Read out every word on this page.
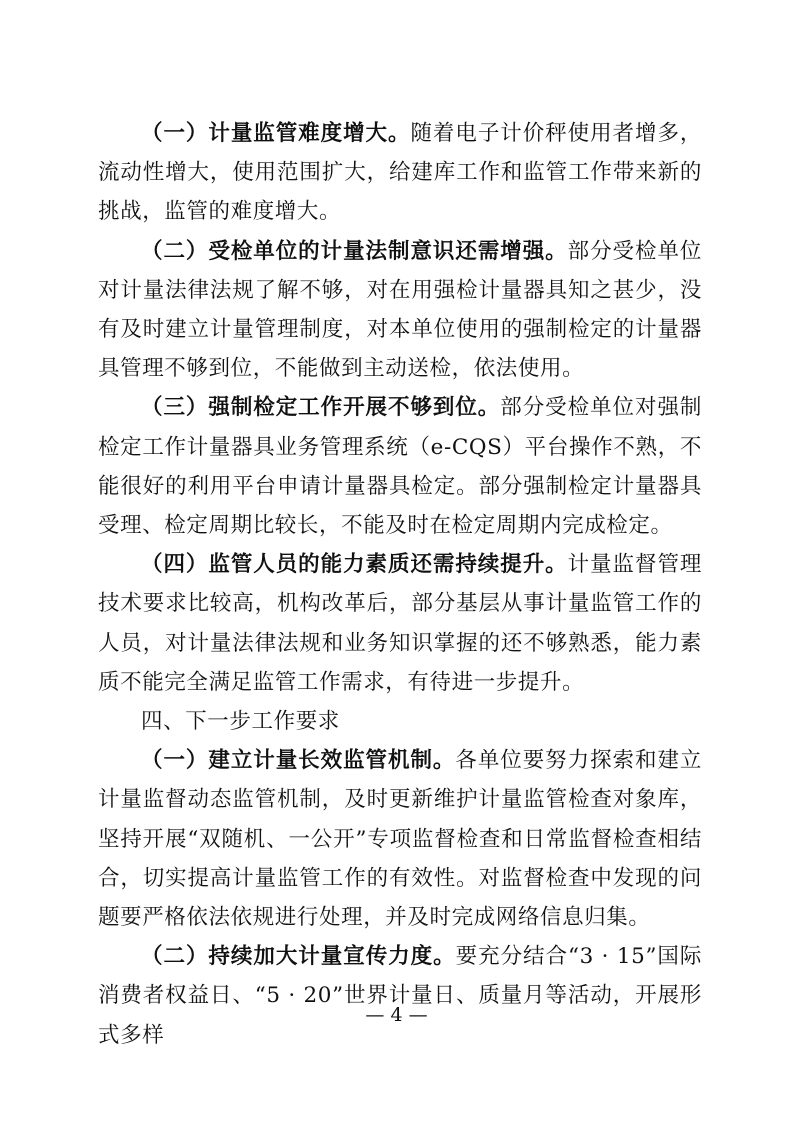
（一）计量监管难度增大。随着电子计价秤使用者增多，流动性增大，使用范围扩大，给建库工作和监管工作带来新的挑战，监管的难度增大。

（二）受检单位的计量法制意识还需增强。部分受检单位对计量法律法规了解不够，对在用强检计量器具知之甚少，没有及时建立计量管理制度，对本单位使用的强制检定的计量器具管理不够到位，不能做到主动送检，依法使用。

（三）强制检定工作开展不够到位。部分受检单位对强制检定工作计量器具业务管理系统（e-CQS）平台操作不熟，不能很好的利用平台申请计量器具检定。部分强制检定计量器具受理、检定周期比较长，不能及时在检定周期内完成检定。

（四）监管人员的能力素质还需持续提升。计量监督管理技术要求比较高，机构改革后，部分基层从事计量监管工作的人员，对计量法律法规和业务知识掌握的还不够熟悉，能力素质不能完全满足监管工作需求，有待进一步提升。

四、下一步工作要求

（一）建立计量长效监管机制。各单位要努力探索和建立计量监督动态监管机制，及时更新维护计量监管检查对象库，坚持开展“双随机、一公开”专项监督检查和日常监督检查相结合，切实提高计量监管工作的有效性。对监督检查中发现的问题要严格依法依规进行处理，并及时完成网络信息归集。

（二）持续加大计量宣传力度。要充分结合“3 · 15”国际消费者权益日、“5 · 20”世界计量日、质量月等活动，开展形式多样

— 4 —
